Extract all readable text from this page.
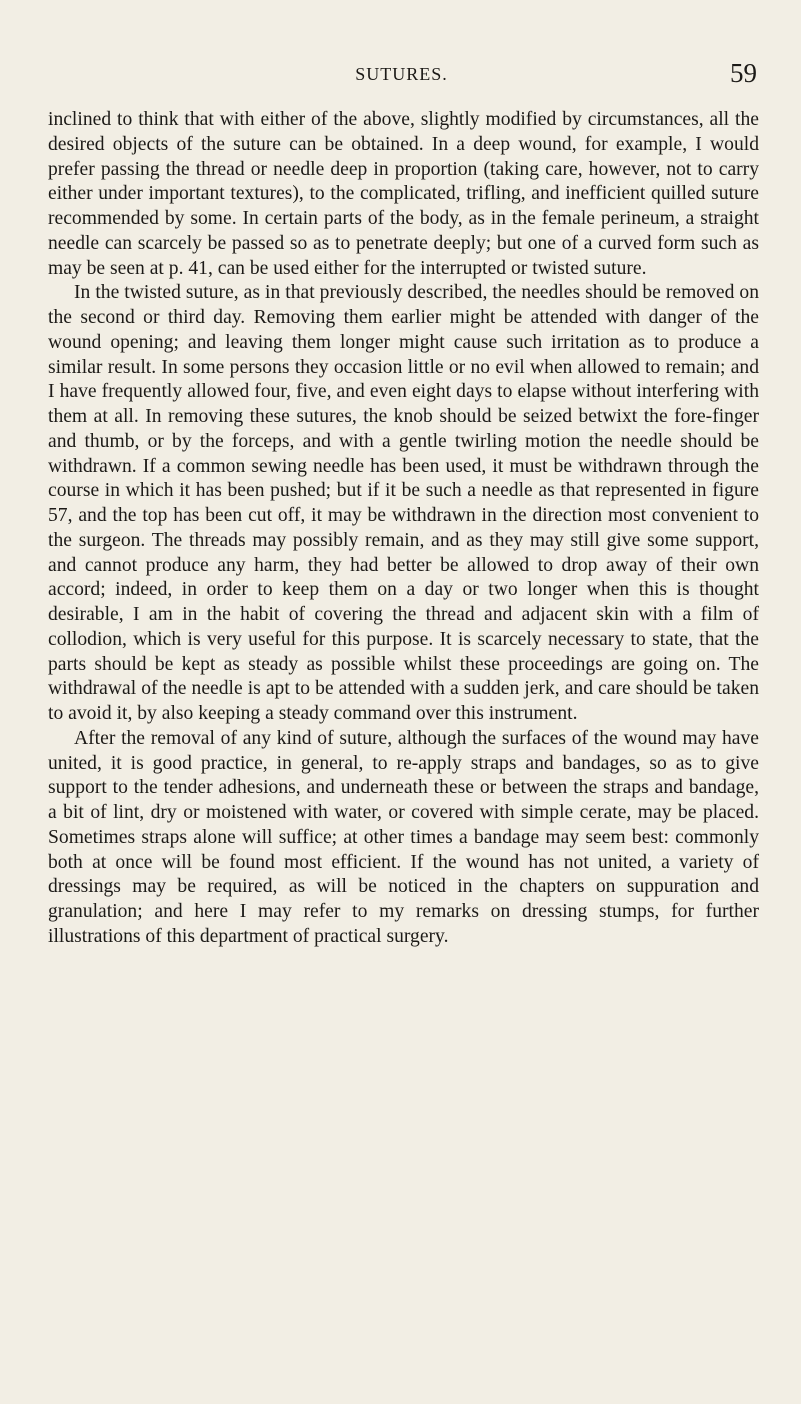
SUTURES.	59

inclined to think that with either of the above, slightly modified by circumstances, all the desired objects of the suture can be obtained. In a deep wound, for example, I would prefer passing the thread or needle deep in proportion (taking care, however, not to carry either under important textures), to the complicated, trifling, and inefficient quilled suture recommended by some. In certain parts of the body, as in the female perineum, a straight needle can scarcely be passed so as to penetrate deeply; but one of a curved form such as may be seen at p. 41, can be used either for the interrupted or twisted suture.

In the twisted suture, as in that previously described, the needles should be removed on the second or third day. Removing them earlier might be attended with danger of the wound opening; and leaving them longer might cause such irritation as to produce a similar result. In some persons they occasion little or no evil when allowed to remain; and I have frequently allowed four, five, and even eight days to elapse without interfering with them at all. In removing these sutures, the knob should be seized betwixt the fore-finger and thumb, or by the forceps, and with a gentle twirling motion the needle should be withdrawn. If a common sewing needle has been used, it must be withdrawn through the course in which it has been pushed; but if it be such a needle as that represented in figure 57, and the top has been cut off, it may be withdrawn in the direction most convenient to the surgeon. The threads may possibly remain, and as they may still give some support, and cannot produce any harm, they had better be allowed to drop away of their own accord; indeed, in order to keep them on a day or two longer when this is thought desirable, I am in the habit of covering the thread and adjacent skin with a film of collodion, which is very useful for this purpose. It is scarcely necessary to state, that the parts should be kept as steady as possible whilst these proceedings are going on. The withdrawal of the needle is apt to be attended with a sudden jerk, and care should be taken to avoid it, by also keeping a steady command over this instrument.

After the removal of any kind of suture, although the surfaces of the wound may have united, it is good practice, in general, to re-apply straps and bandages, so as to give support to the tender adhesions, and underneath these or between the straps and bandage, a bit of lint, dry or moistened with water, or covered with simple cerate, may be placed. Sometimes straps alone will suffice; at other times a bandage may seem best: commonly both at once will be found most efficient. If the wound has not united, a variety of dressings may be required, as will be noticed in the chapters on suppuration and granulation; and here I may refer to my remarks on dressing stumps, for further illustrations of this department of practical surgery.
